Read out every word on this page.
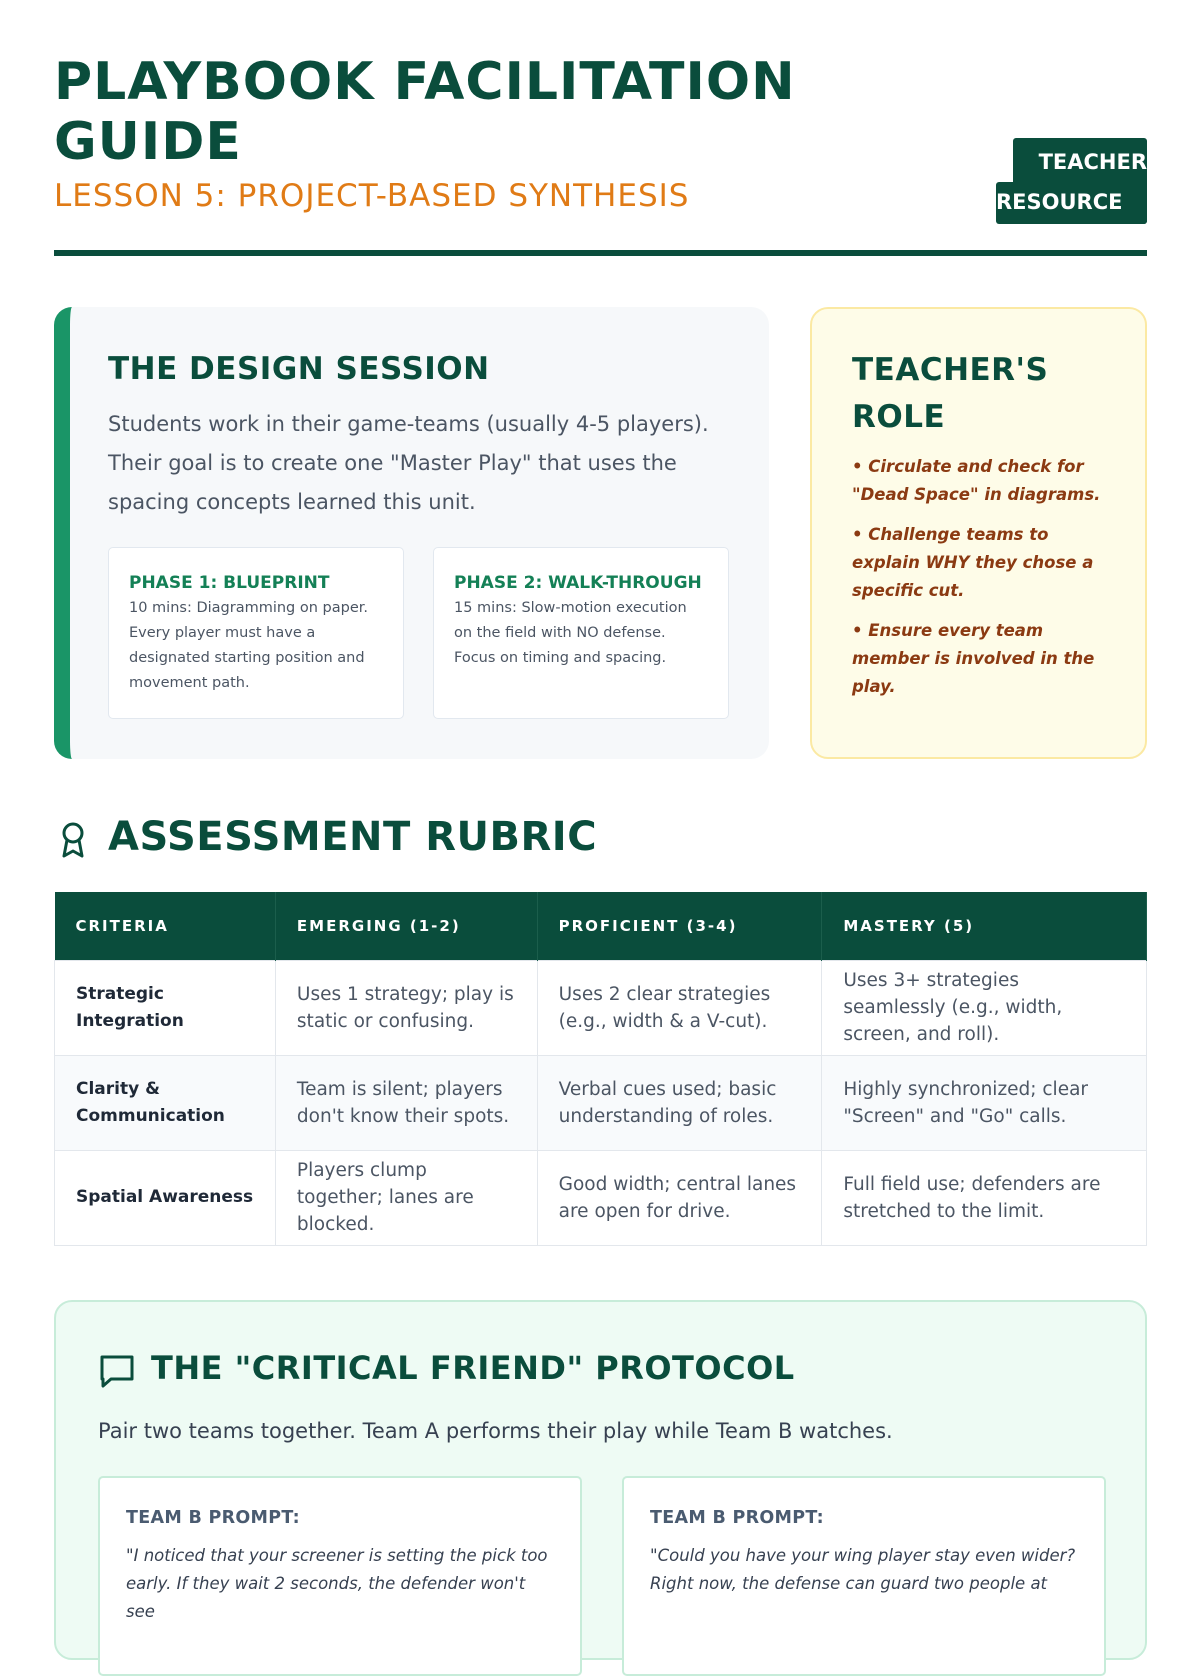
PLAYBOOK FACILITATION GUIDE
LESSON 5: PROJECT-BASED SYNTHESIS
TEACHER
RESOURCE
THE DESIGN SESSION

Students work in their game-teams (usually 4-5 players). Their goal is to create one "Master Play" that uses the spacing concepts learned this unit.

PHASE 1: BLUEPRINT
10 mins: Diagramming on paper. Every player must have a designated starting position and movement path.
PHASE 2: WALK-THROUGH
15 mins: Slow-motion execution on the field with NO defense. Focus on timing and spacing.
TEACHER'S ROLE
• Circulate and check for "Dead Space" in diagrams.
• Challenge teams to explain WHY they chose a specific cut.
• Ensure every team member is involved in the play.
ASSESSMENT RUBRIC
CRITERIA	EMERGING (1-2)	PROFICIENT (3-4)	MASTERY (5)
Strategic Integration	Uses 1 strategy; play is static or confusing.	Uses 2 clear strategies (e.g., width & a V-cut).	Uses 3+ strategies seamlessly (e.g., width, screen, and roll).
Clarity & Communication	Team is silent; players don't know their spots.	Verbal cues used; basic understanding of roles.	Highly synchronized; clear "Screen" and "Go" calls.
Spatial Awareness	Players clump together; lanes are blocked.	Good width; central lanes are open for drive.	Full field use; defenders are stretched to the limit.
THE "CRITICAL FRIEND" PROTOCOL

Pair two teams together. Team A performs their play while Team B watches.

TEAM B PROMPT:
"I noticed that your screener is setting the pick too early. If they wait 2 seconds, the defender won't see
TEAM B PROMPT:
"Could you have your wing player stay even wider? Right now, the defense can guard two people at
